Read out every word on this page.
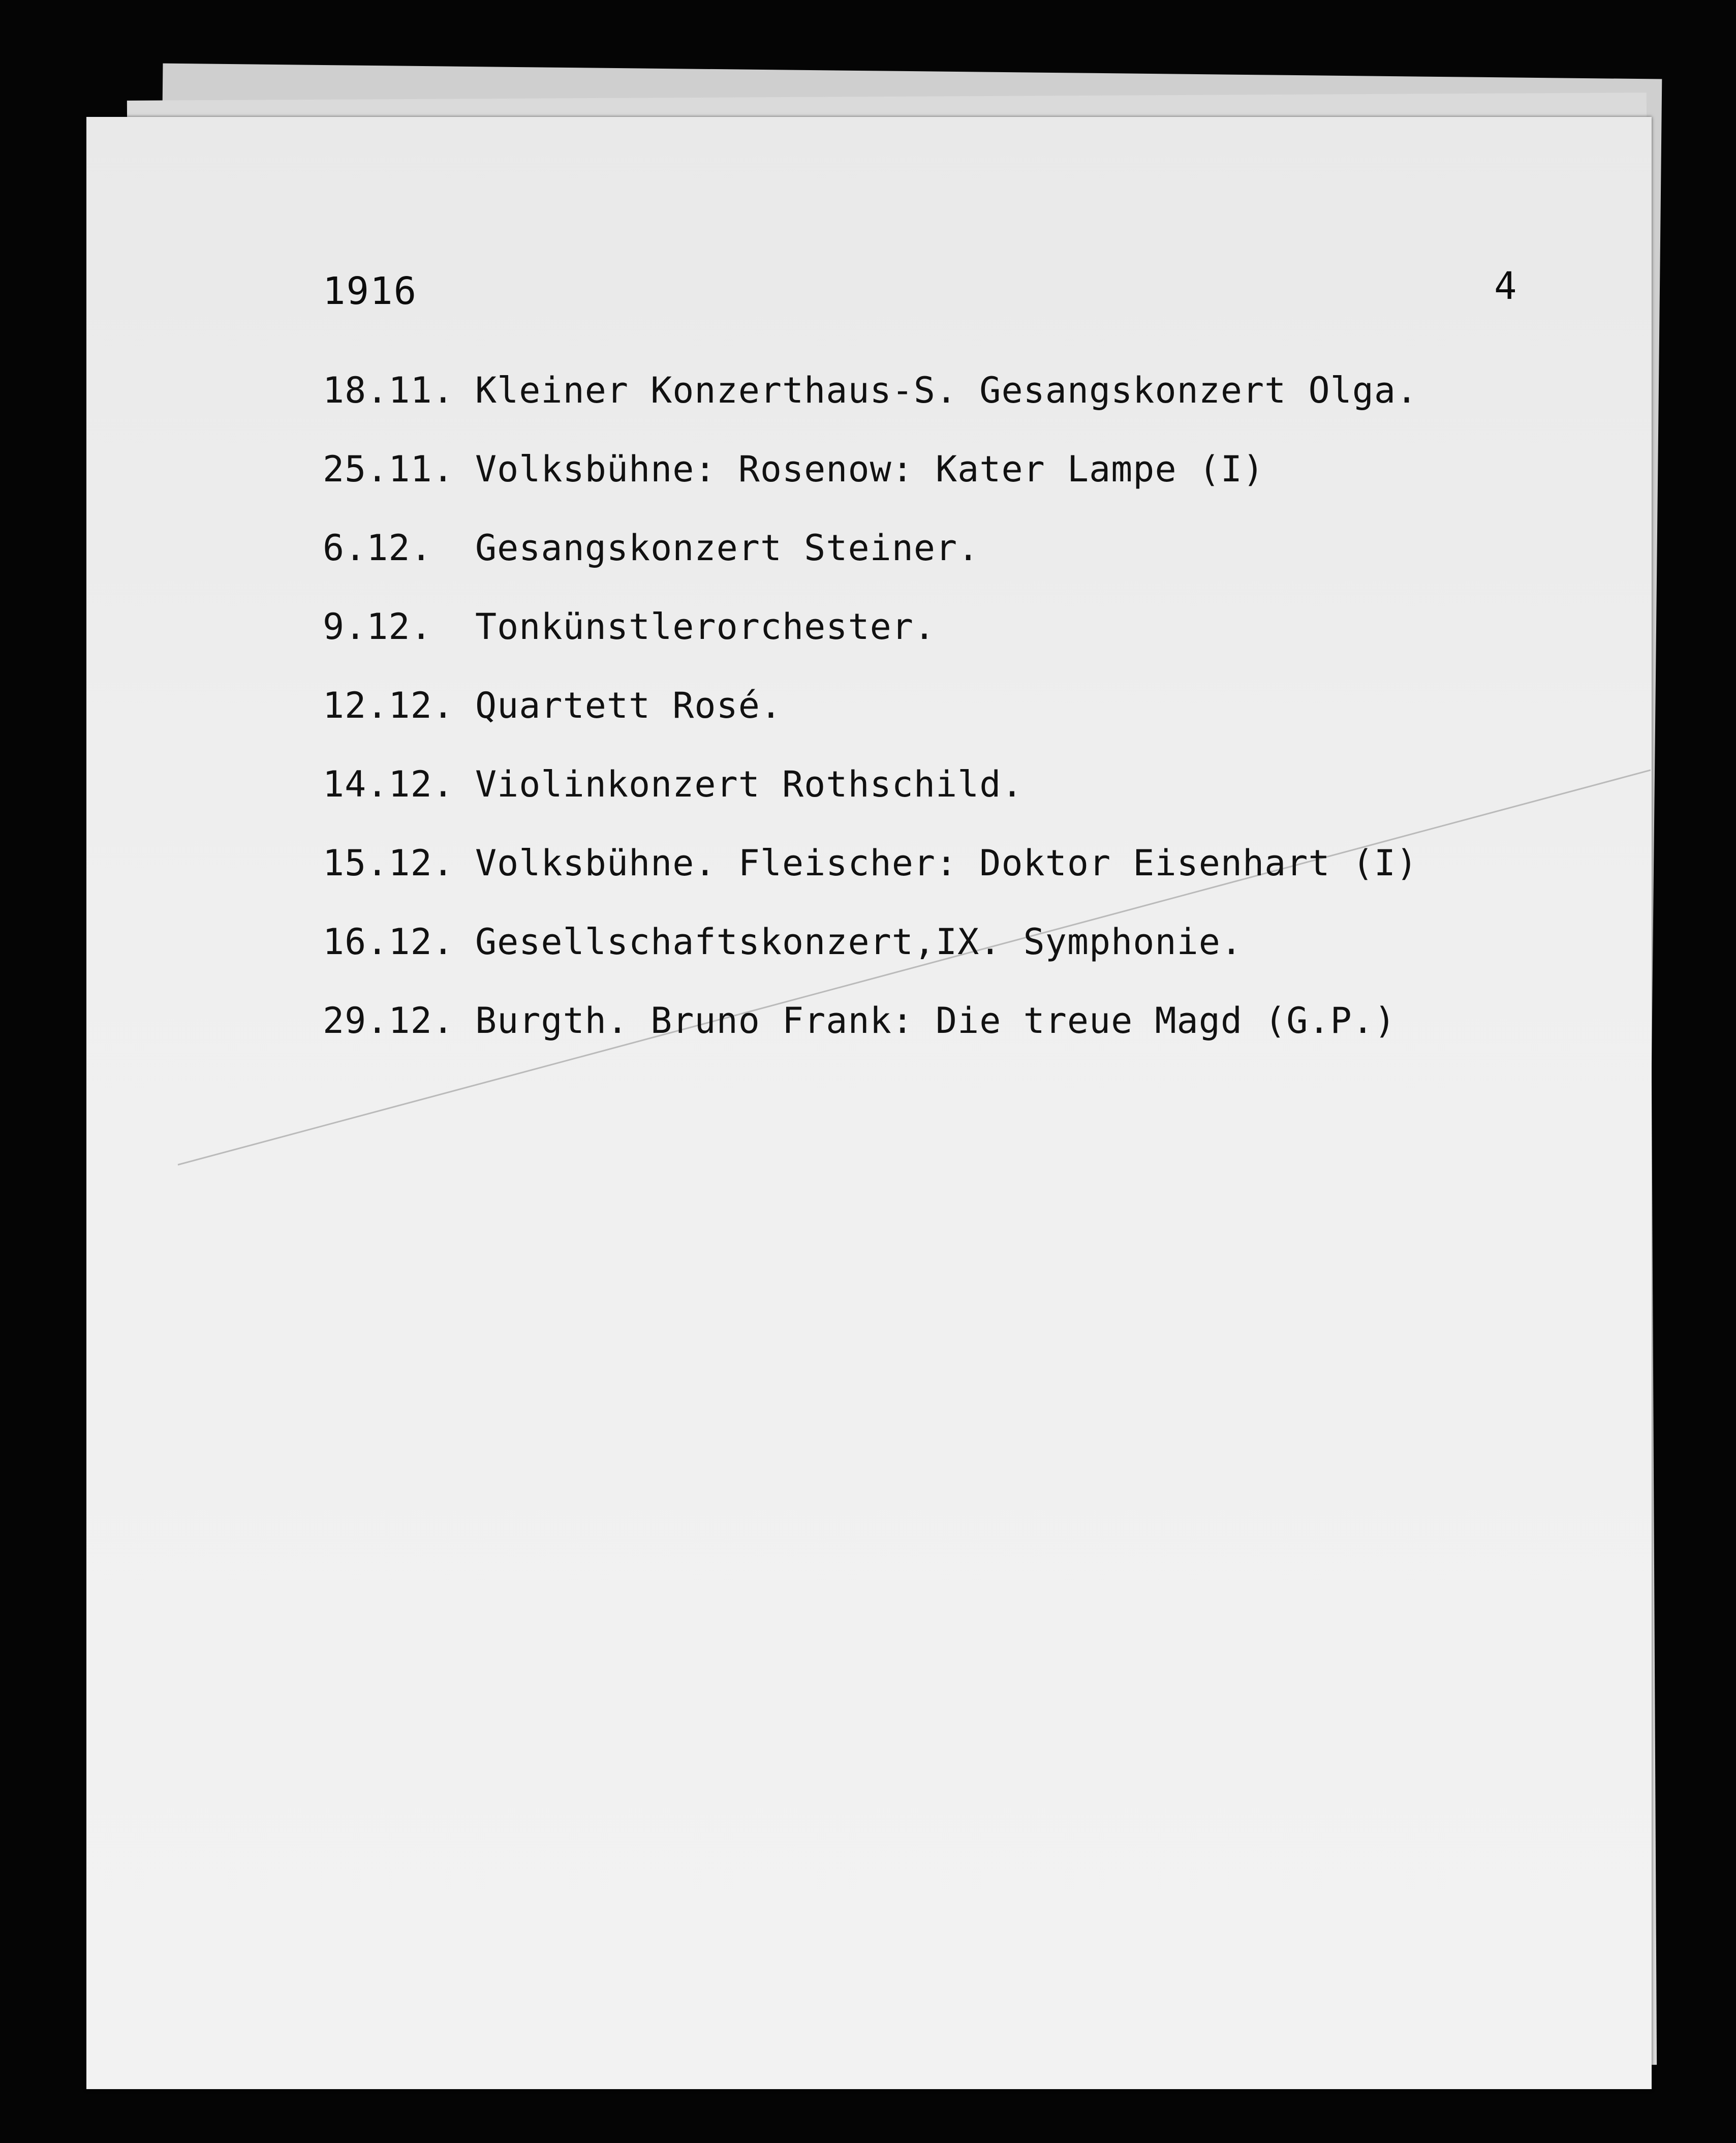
1916	4
18.11. Kleiner Konzerthaus-S. Gesangskonzert Olga.
25.11. Volksbühne: Rosenow: Kater Lampe (I)
6.12.	Gesangskonzert Steiner.
9.12.	Tonkünstlerorchester.
12.12. Quartett Rosé.
14.12. Violinkonzert Rothschild.
15.12. Volksbühne. Fleischer: Doktor Eisenhart (I)
16.12. Gesellschaftskonzert,IX. Symphonie.
29.12. Burgth. Bruno Frank: Die treue Magd (G.P.)
